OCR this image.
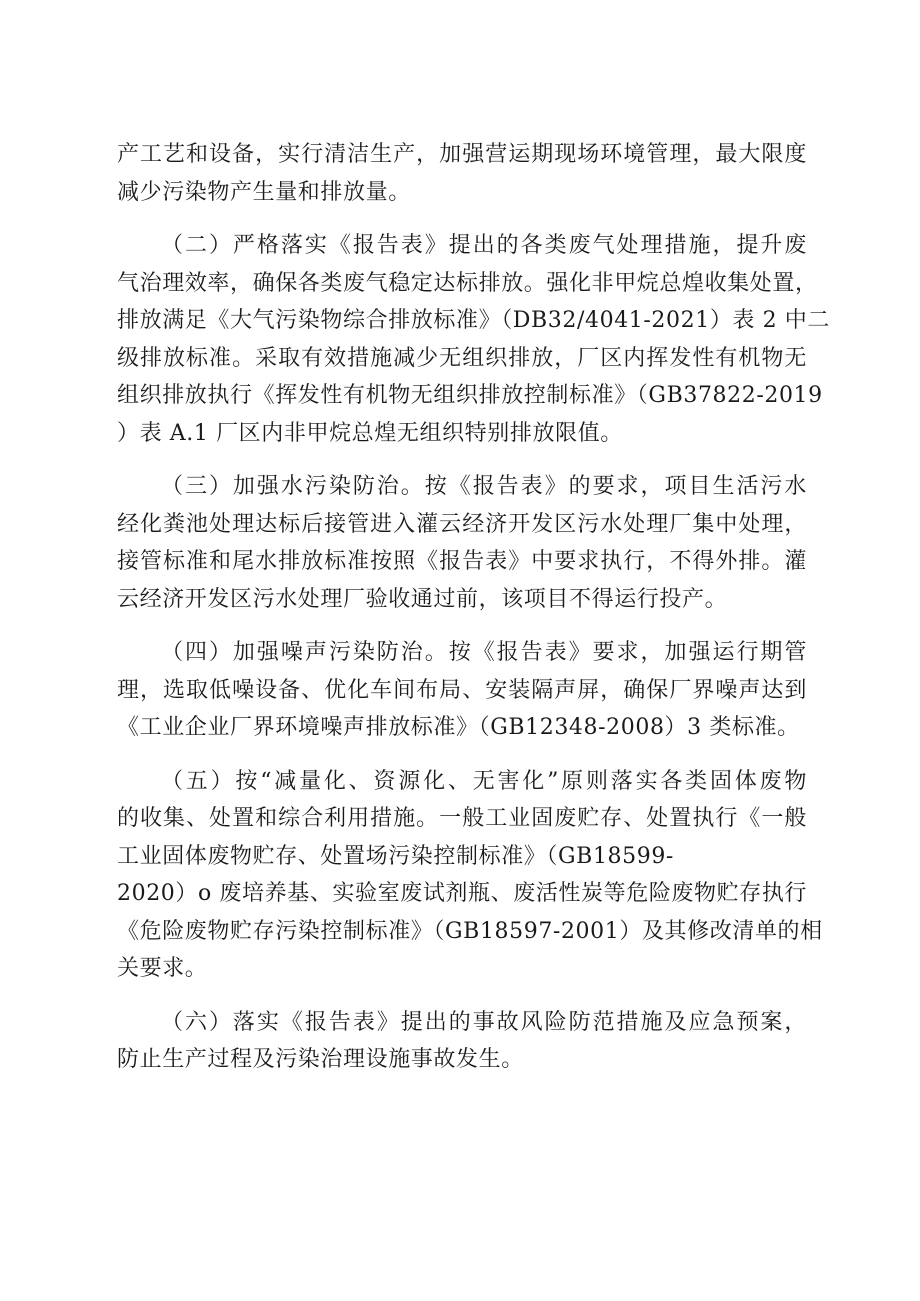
产工艺和设备，实行清洁生产，加强营运期现场环境管理，最大限度
减少污染物产生量和排放量。

（二）严格落实《报告表》提出的各类废气处理措施，提升废
气治理效率，确保各类废气稳定达标排放。强化非甲烷总煌收集处置，
排放满足《大气污染物综合排放标准》（DB32/4041-2021）表 2 中二
级排放标准。采取有效措施减少无组织排放，厂区内挥发性有机物无
组织排放执行《挥发性有机物无组织排放控制标准》（GB37822-2019
）表 A.1 厂区内非甲烷总煌无组织特别排放限值。

（三）加强水污染防治。按《报告表》的要求，项目生活污水
经化粪池处理达标后接管进入灌云经济开发区污水处理厂集中处理，
接管标准和尾水排放标准按照《报告表》中要求执行，不得外排。灌
云经济开发区污水处理厂验收通过前，该项目不得运行投产。

（四）加强噪声污染防治。按《报告表》要求，加强运行期管
理，选取低噪设备、优化车间布局、安装隔声屏，确保厂界噪声达到
《工业企业厂界环境噪声排放标准》（GB12348-2008）3 类标准。

（五）按“减量化、资源化、无害化”原则落实各类固体废物
的收集、处置和综合利用措施。一般工业固废贮存、处置执行《一般
工业固体废物贮存、处置场污染控制标准》（GB18599-
2020）o 废培养基、实验室废试剂瓶、废活性炭等危险废物贮存执行
《危险废物贮存污染控制标准》（GB18597-2001）及其修改清单的相
关要求。

（六）落实《报告表》提出的事故风险防范措施及应急预案，
防止生产过程及污染治理设施事故发生。
